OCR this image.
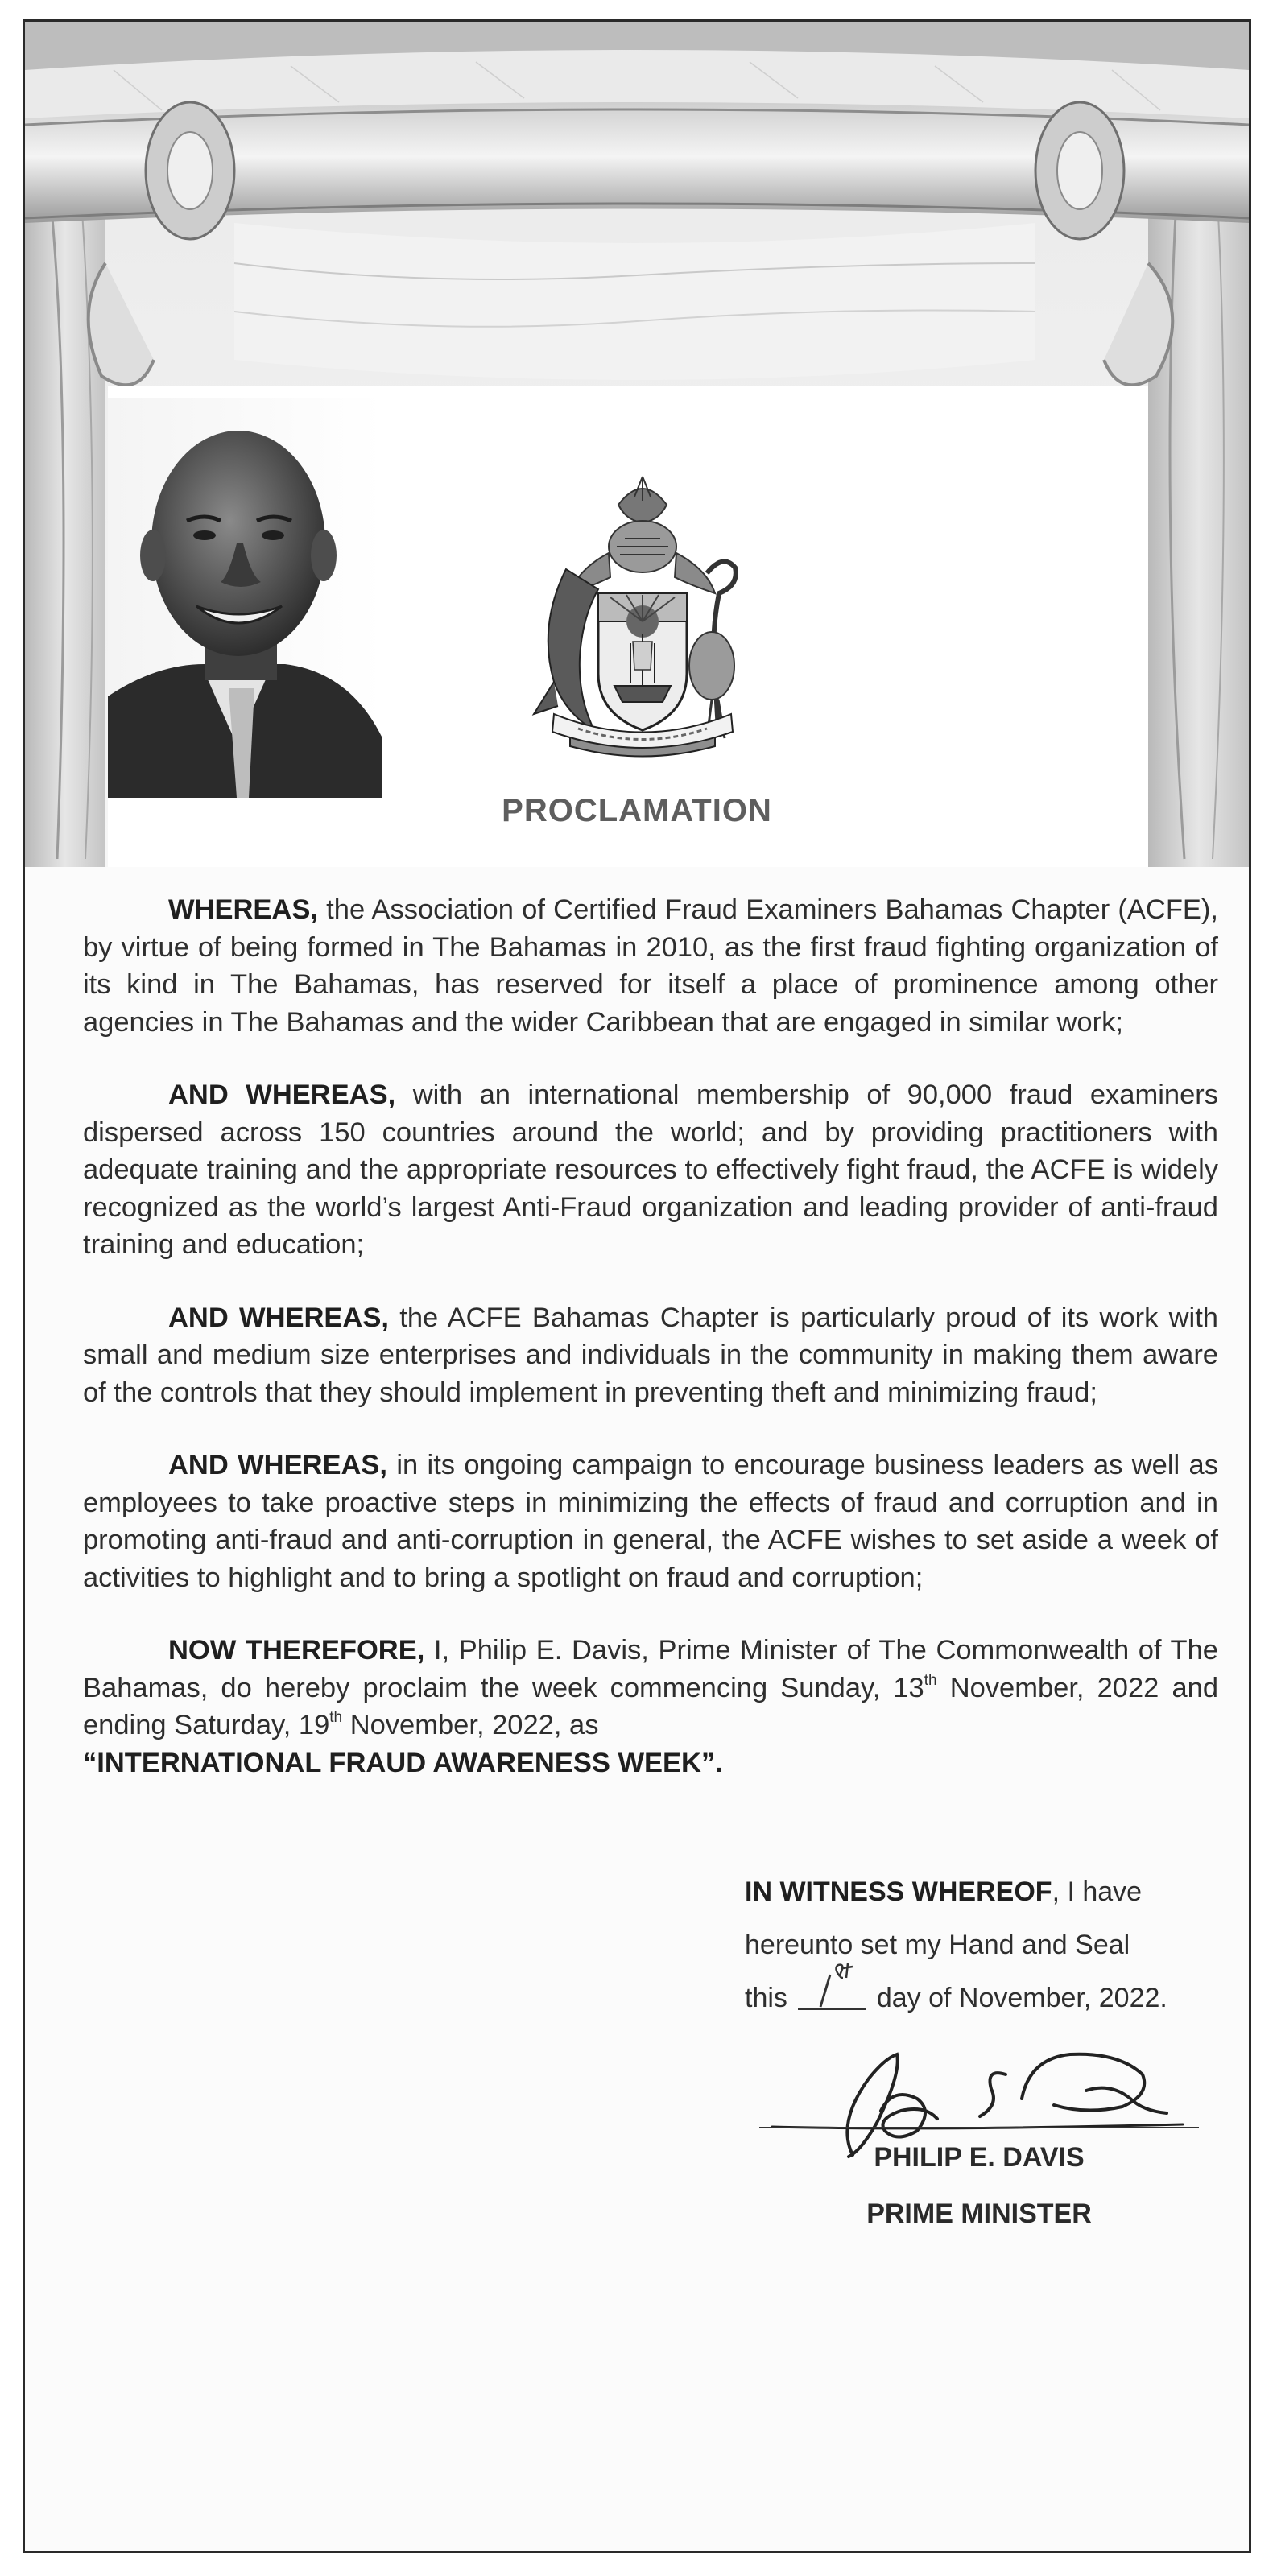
PROCLAMATION

WHEREAS, the Association of Certified Fraud Examiners Bahamas Chapter (ACFE), by virtue of being formed in The Bahamas in 2010, as the first fraud fighting organization of its kind in The Bahamas, has reserved for itself a place of prominence among other agencies in The Bahamas and the wider Caribbean that are engaged in similar work;

AND WHEREAS, with an international membership of 90,000 fraud examiners dispersed across 150 countries around the world; and by providing practitioners with adequate training and the appropriate resources to effectively fight fraud, the ACFE is widely recognized as the world’s largest Anti-Fraud organization and leading provider of anti-fraud training and education;

AND WHEREAS, the ACFE Bahamas Chapter is particularly proud of its work with small and medium size enterprises and individuals in the community in making them aware of the controls that they should implement in preventing theft and minimizing fraud;

AND WHEREAS, in its ongoing campaign to encourage business leaders as well as employees to take proactive steps in minimizing the effects of fraud and corruption and in promoting anti-fraud and anti-corruption in general, the ACFE wishes to set aside a week of activities to highlight and to bring a spotlight on fraud and corruption;

NOW THEREFORE, I, Philip E. Davis, Prime Minister of The Commonwealth of The Bahamas, do hereby proclaim the week commencing Sunday, 13th November, 2022 and ending Saturday, 19th November, 2022, as
“INTERNATIONAL FRAUD AWARENESS WEEK”.

IN WITNESS WHEREOF, I have
hereunto set my Hand and Seal
this	day of November, 2022.
PHILIP E. DAVIS
PRIME MINISTER
